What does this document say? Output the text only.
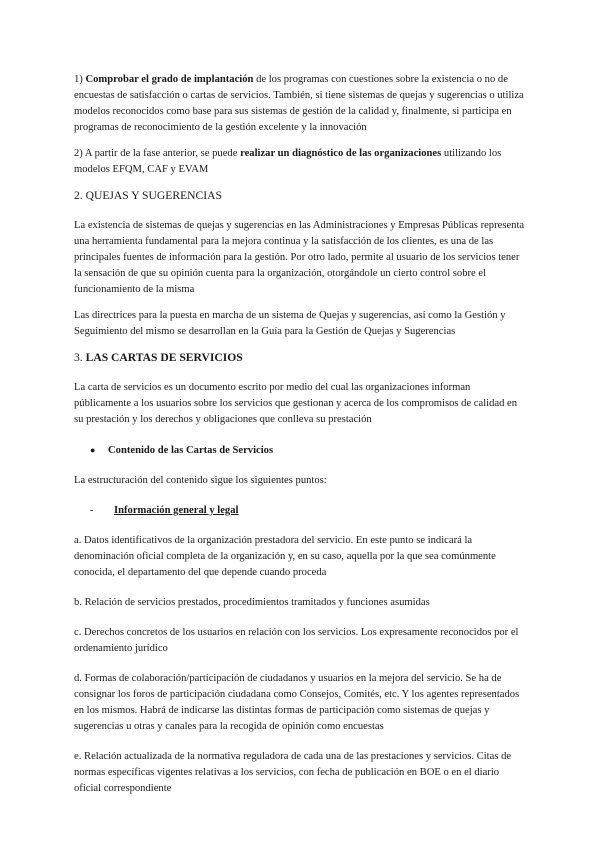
1) Comprobar el grado de implantación de los programas con cuestiones sobre la existencia o no de encuestas de satisfacción o cartas de servicios. También, si tiene sistemas de quejas y sugerencias o utiliza modelos reconocidos como base para sus sistemas de gestión de la calidad y, finalmente, si participa en programas de reconocimiento de la gestión excelente y la innovación

2) A partir de la fase anterior, se puede realizar un diagnóstico de las organizaciones utilizando los modelos EFQM, CAF y EVAM

2. QUEJAS Y SUGERENCIAS

La existencia de sistemas de quejas y sugerencias en las Administraciones y Empresas Públicas representa una herramienta fundamental para la mejora continua y la satisfacción de los clientes, es una de las principales fuentes de información para la gestión. Por otro lado, permite al usuario de los servicios tener la sensación de que su opinión cuenta para la organización, otorgándole un cierto control sobre el funcionamiento de la misma

Las directrices para la puesta en marcha de un sistema de Quejas y sugerencias, así como la Gestión y Seguimiento del mismo se desarrollan en la Guía para la Gestión de Quejas y Sugerencias

3. LAS CARTAS DE SERVICIOS

La carta de servicios es un documento escrito por medio del cual las organizaciones informan públicamente a los usuarios sobre los servicios que gestionan y acerca de los compromisos de calidad en su prestación y los derechos y obligaciones que conlleva su prestación

●	Contenido de las Cartas de Servicios

La estructuración del contenido sigue los siguientes puntos:

-	Información general y legal

a. Datos identificativos de la organización prestadora del servicio. En este punto se indicará la denominación oficial completa de la organización y, en su caso, aquella por la que sea comúnmente conocida, el departamento del que depende cuando proceda

b. Relación de servicios prestados, procedimientos tramitados y funciones asumidas

c. Derechos concretos de los usuarios en relación con los servicios. Los expresamente reconocidos por el ordenamiento jurídico

d. Formas de colaboración/participación de ciudadanos y usuarios en la mejora del servicio. Se ha de consignar los foros de participación ciudadana como Consejos, Comités, etc. Y los agentes representados en los mismos. Habrá de indicarse las distintas formas de participación como sistemas de quejas y sugerencias u otras y canales para la recogida de opinión como encuestas

e. Relación actualizada de la normativa reguladora de cada una de las prestaciones y servicios. Citas de normas específicas vigentes relativas a los servicios, con fecha de publicación en BOE o en el diario oficial correspondiente
